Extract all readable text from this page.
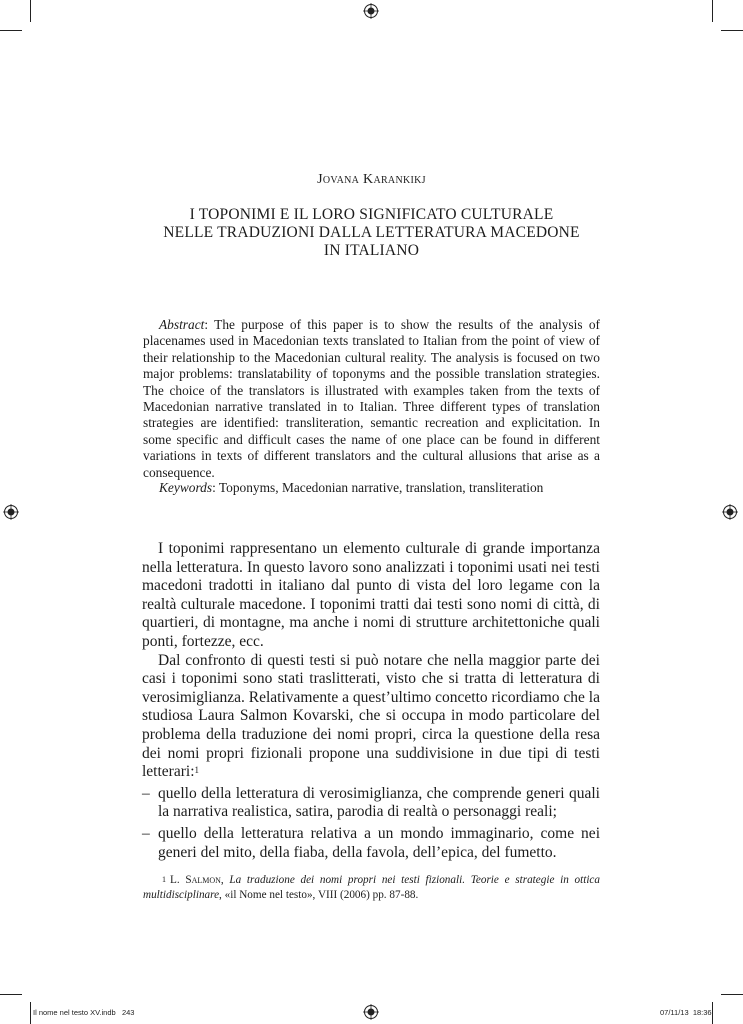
Jovana Karankikj
I TOPONIMI E IL LORO SIGNIFICATO CULTURALE
NELLE TRADUZIONI DALLA LETTERATURA MACEDONE
IN ITALIANO

Abstract: The purpose of this paper is to show the results of the analysis of placenames used in Macedonian texts translated to Italian from the point of view of their relationship to the Macedonian cultural reality. The analysis is focused on two major problems: translatability of toponyms and the possible translation strategies. The choice of the translators is illustrated with examples taken from the texts of Macedonian narrative translated in to Italian. Three different types of translation strategies are identified: transliteration, semantic recreation and explicitation. In some specific and difficult cases the name of one place can be found in different variations in texts of different translators and the cultural allusions that arise as a consequence.

Keywords: Toponyms, Macedonian narrative, translation, transliteration

I toponimi rappresentano un elemento culturale di grande importanza nella letteratura. In questo lavoro sono analizzati i toponimi usati nei testi macedoni tradotti in italiano dal punto di vista del loro legame con la realtà culturale macedone. I toponimi tratti dai testi sono nomi di città, di quartieri, di montagne, ma anche i nomi di strutture architettoniche quali ponti, fortezze, ecc.

Dal confronto di questi testi si può notare che nella maggior parte dei casi i toponimi sono stati traslitterati, visto che si tratta di letteratura di verosimiglianza. Relativamente a quest’ultimo concetto ricordiamo che la studiosa Laura Salmon Kovarski, che si occupa in modo particolare del problema della traduzione dei nomi propri, circa la questione della resa dei nomi propri fizionali propone una suddivisione in due tipi di testi letterari:$^1$

– quello della letteratura di verosimiglianza, che comprende generi quali la narrativa realistica, satira, parodia di realtà o personaggi reali;
– quello della letteratura relativa a un mondo immaginario, come nei generi del mito, della fiaba, della favola, dell’epica, del fumetto.
$^1$ L. Salmon, La traduzione dei nomi propri nei testi fizionali. Teorie e strategie in ottica multidisciplinare, «il Nome nel testo», VIII (2006) pp. 87-88.
Il nome nel testo XV.indb   243	07/11/13 18:36
